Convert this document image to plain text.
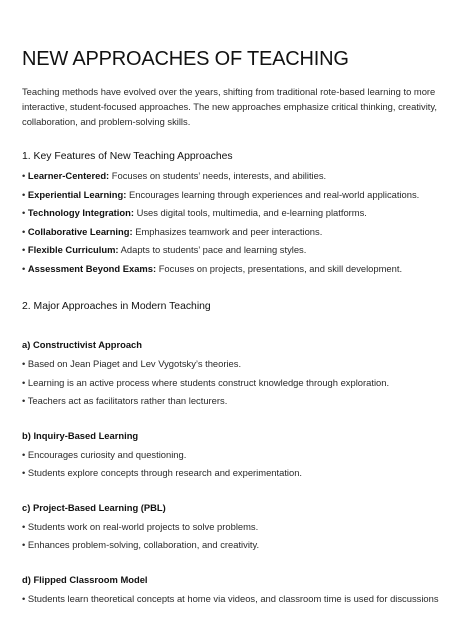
NEW APPROACHES OF TEACHING

Teaching methods have evolved over the years, shifting from traditional rote-based learning to more interactive, student-focused approaches. The new approaches emphasize critical thinking, creativity, collaboration, and problem-solving skills.

1. Key Features of New Teaching Approaches
• Learner-Centered: Focuses on students’ needs, interests, and abilities.
• Experiential Learning: Encourages learning through experiences and real-world applications.
• Technology Integration: Uses digital tools, multimedia, and e-learning platforms.
• Collaborative Learning: Emphasizes teamwork and peer interactions.
• Flexible Curriculum: Adapts to students’ pace and learning styles.
• Assessment Beyond Exams: Focuses on projects, presentations, and skill development.
2. Major Approaches in Modern Teaching
a) Constructivist Approach
• Based on Jean Piaget and Lev Vygotsky’s theories.
• Learning is an active process where students construct knowledge through exploration.
• Teachers act as facilitators rather than lecturers.
b) Inquiry-Based Learning
• Encourages curiosity and questioning.
• Students explore concepts through research and experimentation.
c) Project-Based Learning (PBL)
• Students work on real-world projects to solve problems.
• Enhances problem-solving, collaboration, and creativity.
d) Flipped Classroom Model
• Students learn theoretical concepts at home via videos, and classroom time is used for discussions
